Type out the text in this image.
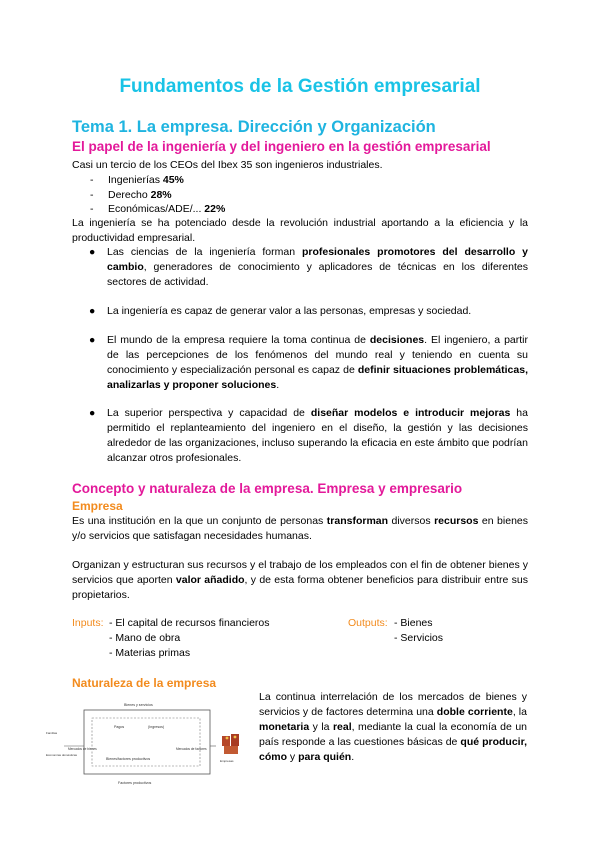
Fundamentos de la Gestión empresarial
Tema 1. La empresa. Dirección y Organización
El papel de la ingeniería y del ingeniero en la gestión empresarial

Casi un tercio de los CEOs del Ibex 35 son ingenieros industriales.

- Ingenierías 45%
- Derecho 28%
- Económicas/ADE/... 22%

La ingeniería se ha potenciado desde la revolución industrial aportando a la eficiencia y la productividad empresarial.

● Las ciencias de la ingeniería forman profesionales promotores del desarrollo y cambio, generadores de conocimiento y aplicadores de técnicas en los diferentes sectores de actividad.
● La ingeniería es capaz de generar valor a las personas, empresas y sociedad.
● El mundo de la empresa requiere la toma continua de decisiones. El ingeniero, a partir de las percepciones de los fenómenos del mundo real y teniendo en cuenta su conocimiento y especialización personal es capaz de definir situaciones problemáticas, analizarlas y proponer soluciones.
● La superior perspectiva y capacidad de diseñar modelos e introducir mejoras ha permitido el replanteamiento del ingeniero en el diseño, la gestión y las decisiones alrededor de las organizaciones, incluso superando la eficacia en este ámbito que podrían alcanzar otros profesionales.
Concepto y naturaleza de la empresa. Empresa y empresario
Empresa

Es una institución en la que un conjunto de personas transforman diversos recursos en bienes y/o servicios que satisfagan necesidades humanas.

Organizan y estructuran sus recursos y el trabajo de los empleados con el fin de obtener bienes y servicios que aporten valor añadido, y de esta forma obtener beneficios para distribuir entre sus propietarios.

Inputs: - El capital de recursos financieros
- Mano de obra
- Materias primas
Outputs: - Bienes
- Servicios
Naturaleza de la empresa
Bienes y servicios
Pagos	(Ingresos)
Bienes/factores productivos
Mercados de bienes	Mercados de factores
Factores productivos
Familias
Economías domésticas
Empresas

La continua interrelación de los mercados de bienes y servicios y de factores determina una doble corriente, la monetaria y la real, mediante la cual la economía de un país responde a las cuestiones básicas de qué producir, cómo y para quién.
